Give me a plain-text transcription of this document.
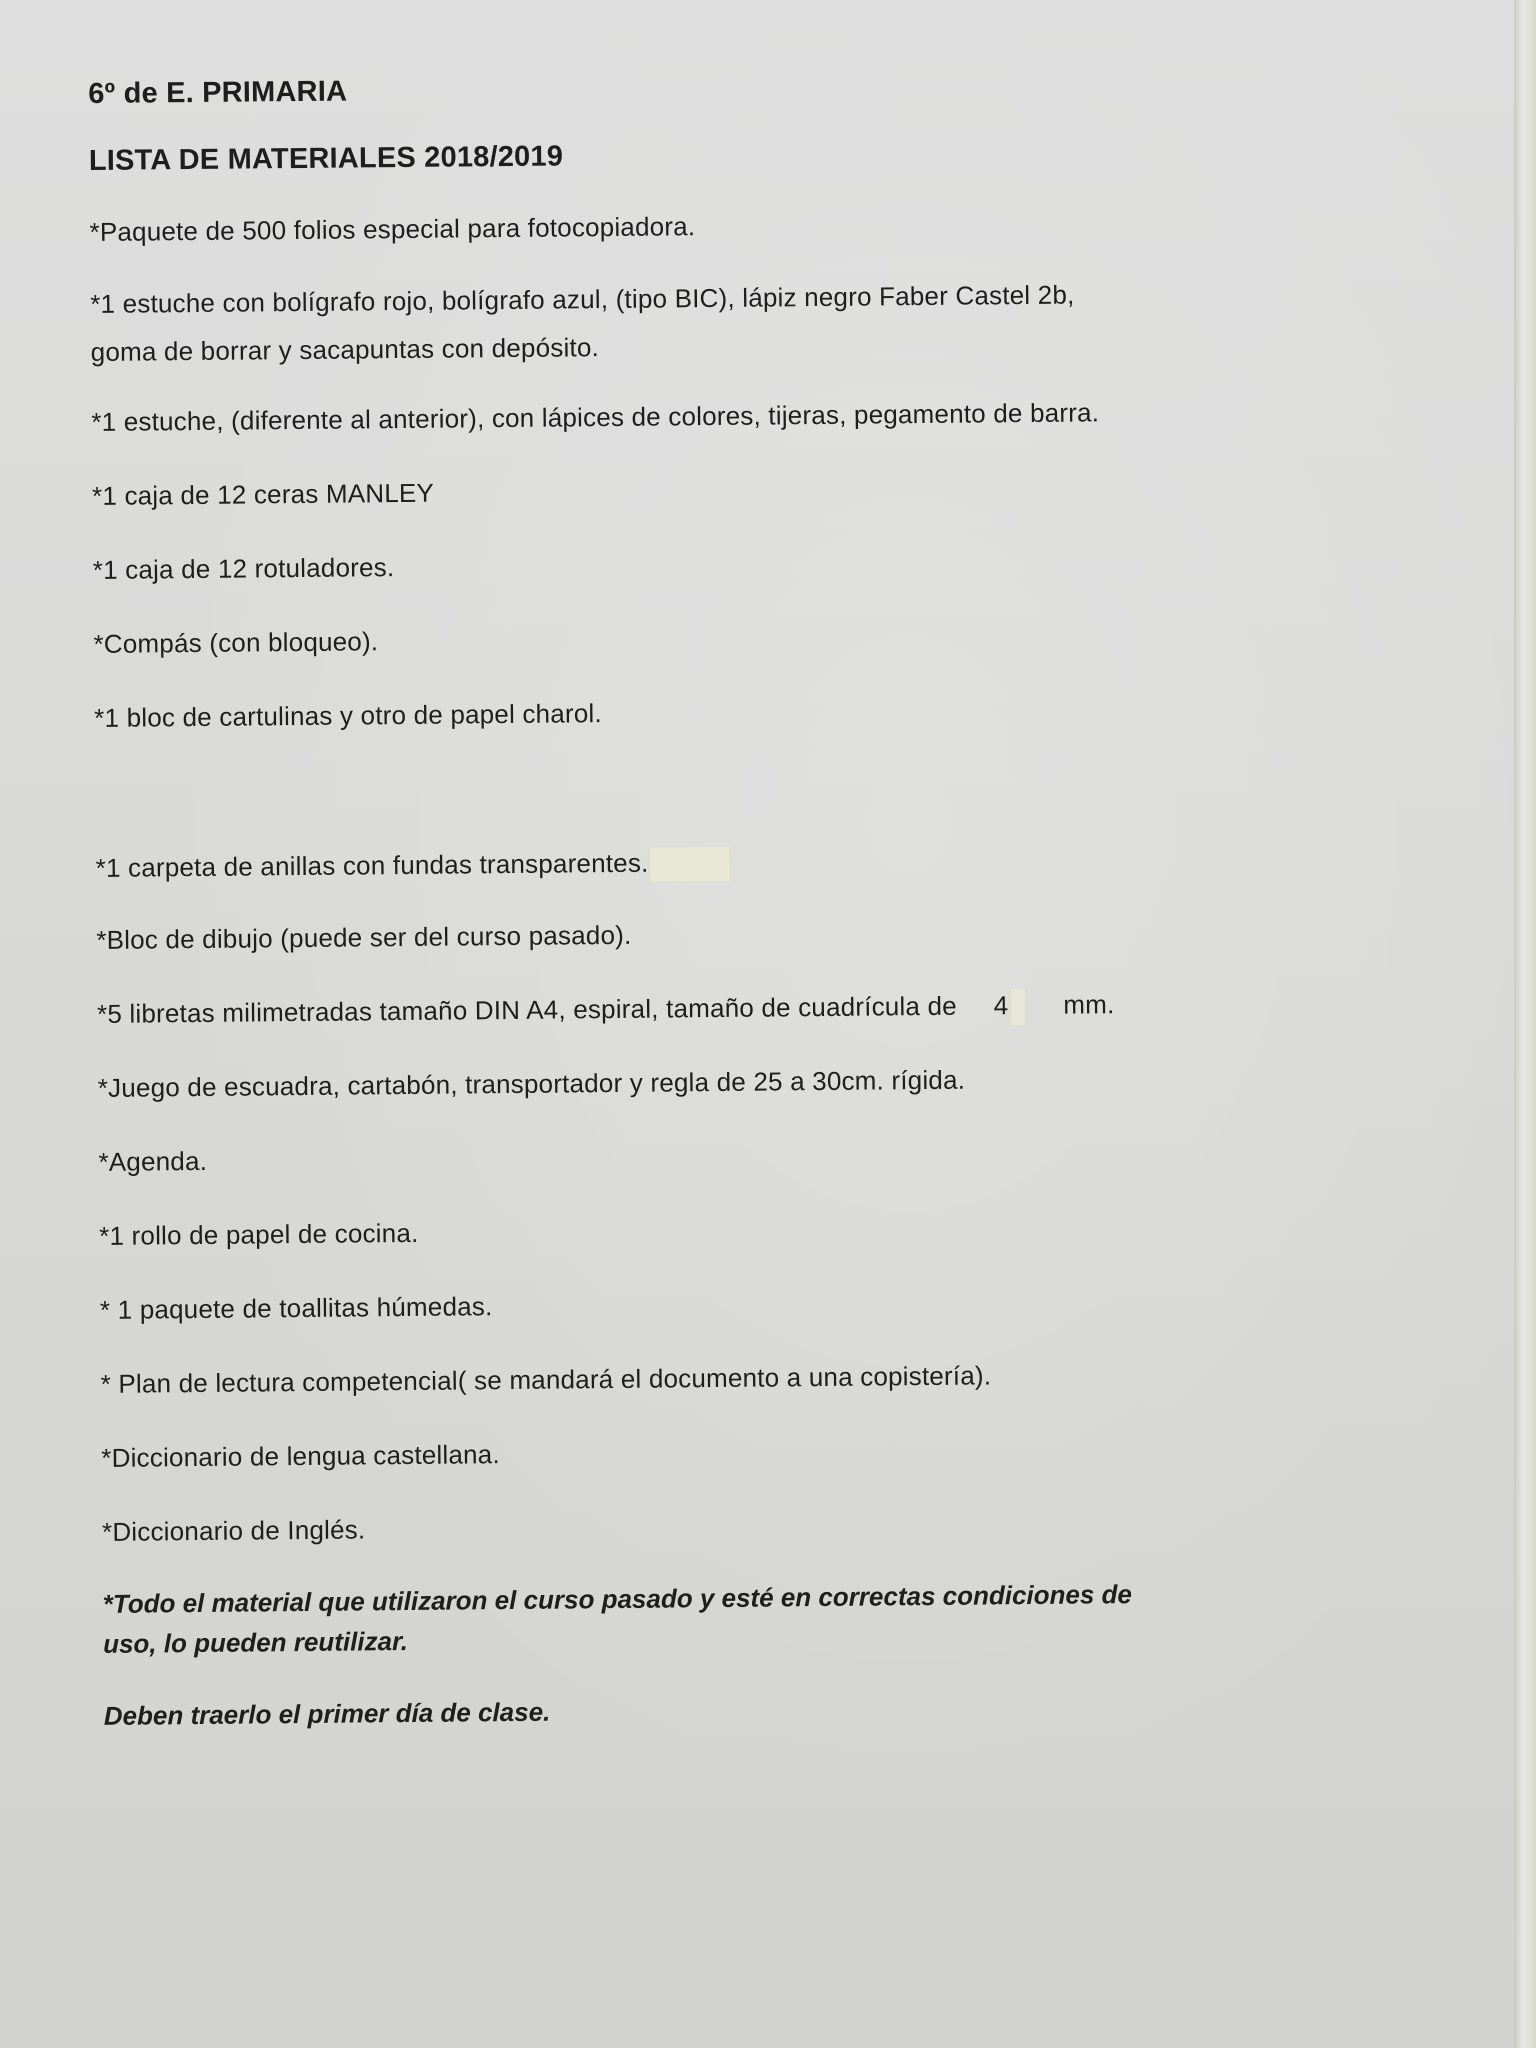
6º de E. PRIMARIA
LISTA DE MATERIALES 2018/2019
*Paquete de 500 folios especial para fotocopiadora.
*1 estuche con bolígrafo rojo, bolígrafo azul, (tipo BIC), lápiz negro Faber Castel 2b,
goma de borrar y sacapuntas con depósito.
*1 estuche, (diferente al anterior), con lápices de colores, tijeras, pegamento de barra.
*1 caja de 12 ceras MANLEY
*1 caja de 12 rotuladores.
*Compás (con bloqueo).
*1 bloc de cartulinas y otro de papel charol.
*1 carpeta de anillas con fundas transparentes.
*Bloc de dibujo (puede ser del curso pasado).
*5 libretas milimetradas tamaño DIN A4, espiral, tamaño de cuadrícula de 4 mm.
*Juego de escuadra, cartabón, transportador y regla de 25 a 30cm. rígida.
*Agenda.
*1 rollo de papel de cocina.
* 1 paquete de toallitas húmedas.
* Plan de lectura competencial( se mandará el documento a una copistería).
*Diccionario de lengua castellana.
*Diccionario de Inglés.
*Todo el material que utilizaron el curso pasado y esté en correctas condiciones de
uso, lo pueden reutilizar.
Deben traerlo el primer día de clase.
